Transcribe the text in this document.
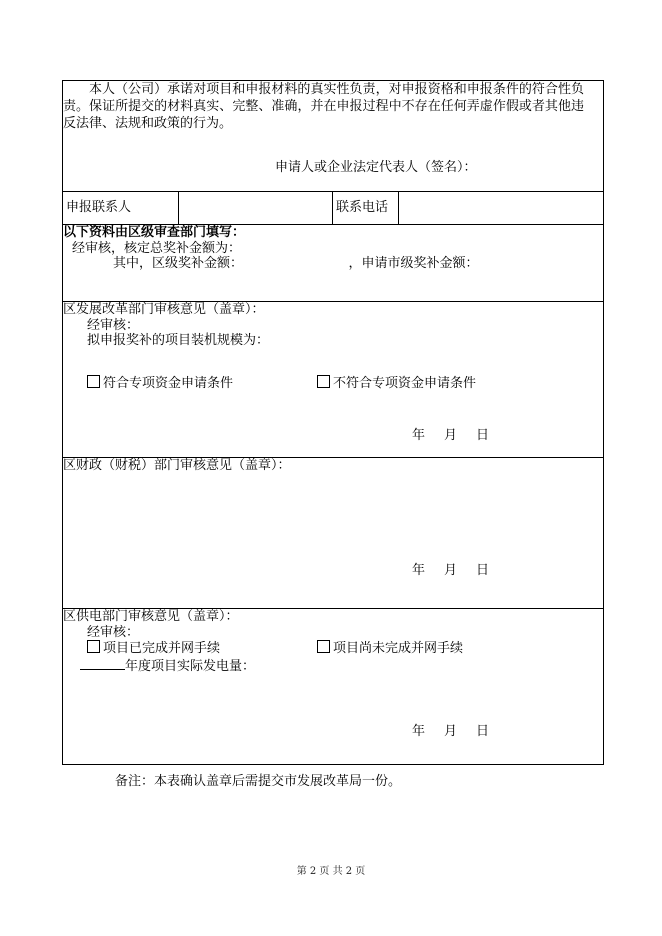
本人（公司）承诺对项目和申报材料的真实性负责，对申报资格和申报条件的符合性负责。保证所提交的材料真实、完整、准确，并在申报过程中不存在任何弄虚作假或者其他违反法律、法规和政策的行为。

申请人或企业法定代表人（签名）：

申报联系人		联系电话	

以下资料由区级审查部门填写：
经审核，核定总奖补金额为：
其中，区级奖补金额：	，申请市级奖补金额：

区发展改革部门审核意见（盖章）：
经审核：
拟申报奖补的项目装机规模为：
符合专项资金申请条件	不符合专项资金申请条件
年 月 日

区财政（财税）部门审核意见（盖章）：
年 月 日

区供电部门审核意见（盖章）：
经审核：
项目已完成并网手续	项目尚未完成并网手续
年度项目实际发电量：
年 月 日
备注：本表确认盖章后需提交市发展改革局一份。
第 2 页 共 2 页
